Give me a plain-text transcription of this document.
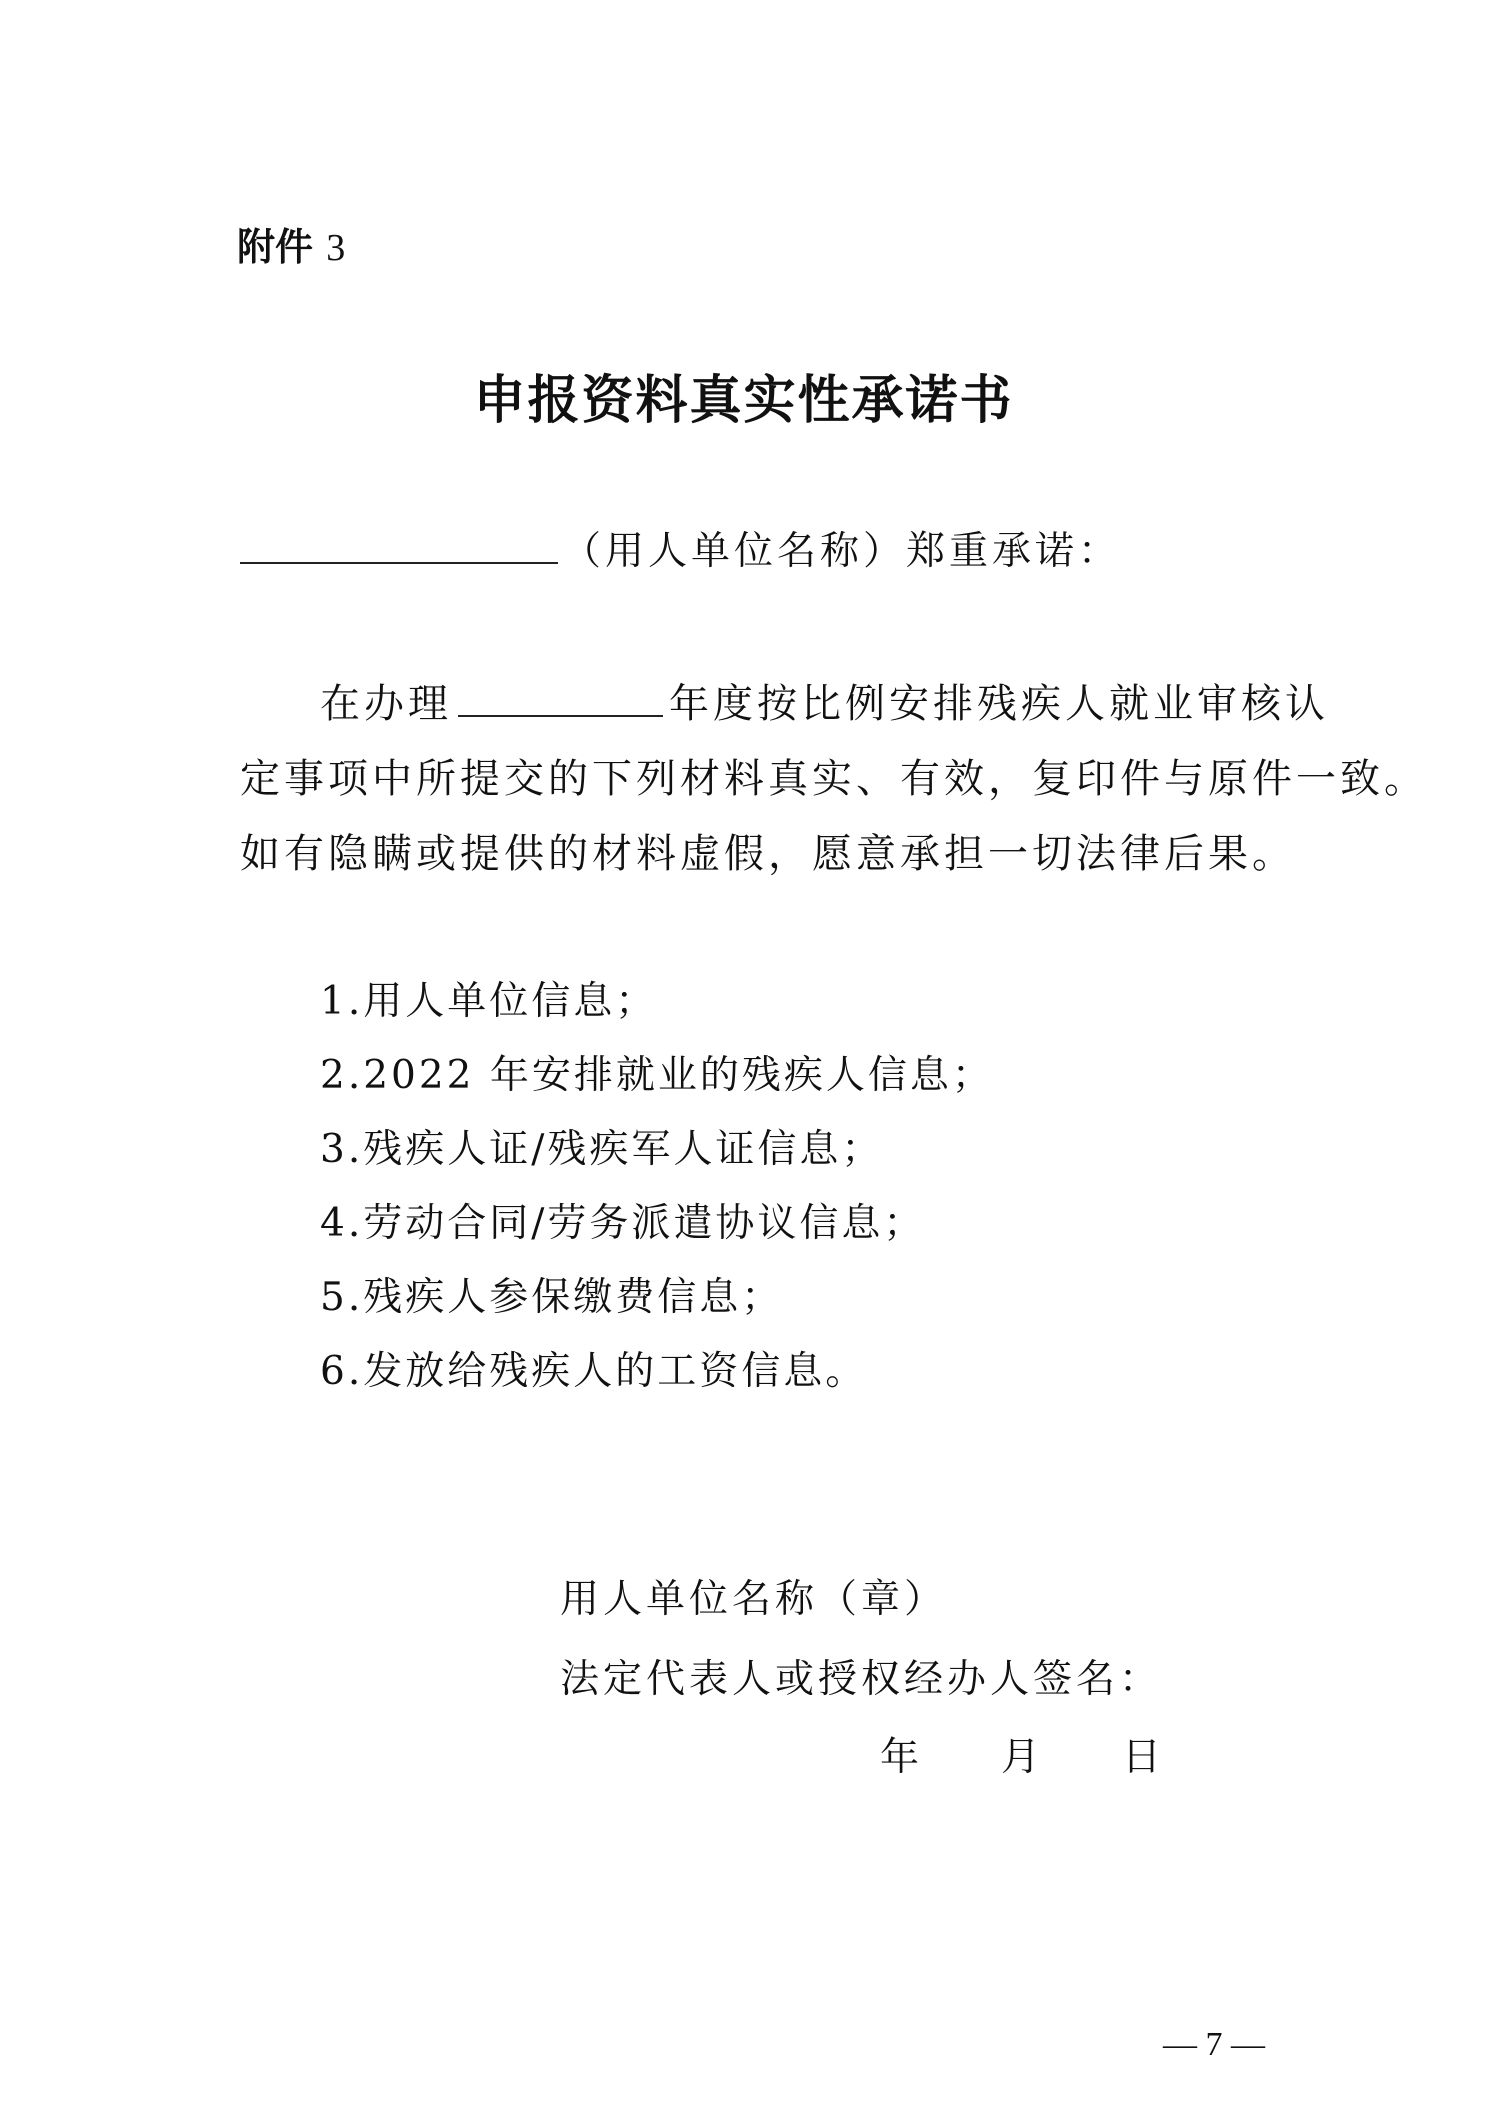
附件 3
申报资料真实性承诺书
（用人单位名称）郑重承诺：
在办理	年度按比例安排残疾人就业审核认
定事项中所提交的下列材料真实、有效，复印件与原件一致。
如有隐瞒或提供的材料虚假，愿意承担一切法律后果。
1.用人单位信息；
2.2022 年安排就业的残疾人信息；
3.残疾人证/残疾军人证信息；
4.劳动合同/劳务派遣协议信息；
5.残疾人参保缴费信息；
6.发放给残疾人的工资信息。
用人单位名称（章）
法定代表人或授权经办人签名：
年 月 日
— 7 —
